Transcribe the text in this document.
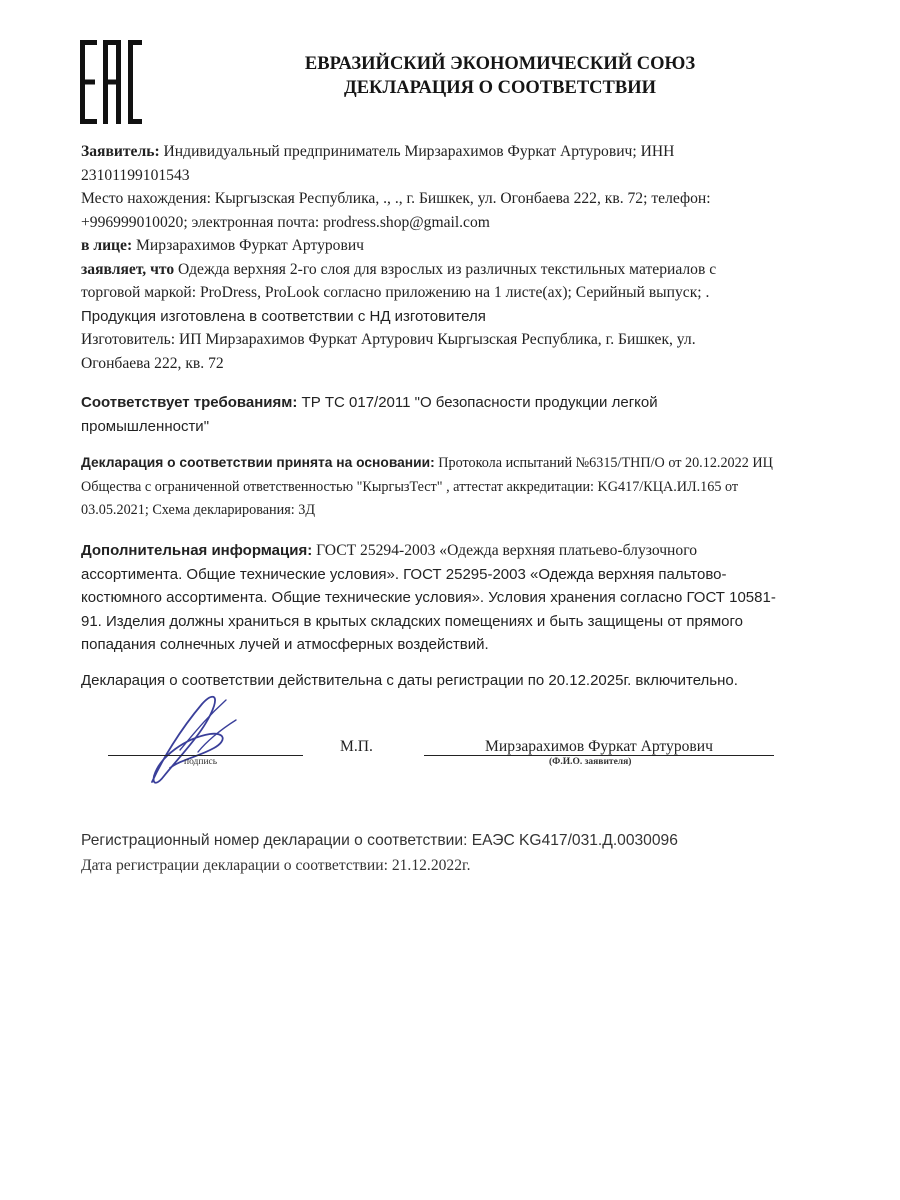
ЕВРАЗИЙСКИЙ ЭКОНОМИЧЕСКИЙ СОЮЗ
ДЕКЛАРАЦИЯ О СООТВЕТСТВИИ
Заявитель: Индивидуальный предприниматель Мирзарахимов Фуркат Артурович; ИНН
23101199101543
Место нахождения: Кыргызская Республика, ., ., г. Бишкек, ул. Огонбаева 222, кв. 72; телефон:
+996999010020; электронная почта: prodress.shop@gmail.com
в лице: Мирзарахимов Фуркат Артурович
заявляет, что Одежда верхняя 2-го слоя для взрослых из различных текстильных материалов с
торговой маркой: ProDress, ProLook согласно приложению на 1 листе(ах); Серийный выпуск; .
Продукция изготовлена в соответствии с НД изготовителя
Изготовитель: ИП Мирзарахимов Фуркат Артурович Кыргызская Республика, г. Бишкек, ул.
Огонбаева 222, кв. 72
Соответствует требованиям: ТР ТС 017/2011 "О безопасности продукции легкой
промышленности"
Декларация о соответствии принята на основании: Протокола испытаний №6315/ТНП/О от 20.12.2022 ИЦ
Общества с ограниченной ответственностью "КыргызТест" , аттестат аккредитации: KG417/КЦА.ИЛ.165 от
03.05.2021; Схема декларирования: 3Д
Дополнительная информация: ГОСТ 25294-2003 «Одежда верхняя платьево-блузочного
ассортимента. Общие технические условия». ГОСТ 25295-2003 «Одежда верхняя пальтово-
костюмного ассортимента. Общие технические условия». Условия хранения согласно ГОСТ 10581-
91. Изделия должны храниться в крытых складских помещениях и быть защищены от прямого
попадания солнечных лучей и атмосферных воздействий.
Декларация о соответствии действительна с даты регистрации по 20.12.2025г. включительно.
подпись
М.П.	Мирзарахимов Фуркат Артурович
(Ф.И.О. заявителя)
Регистрационный номер декларации о соответствии: ЕАЭС KG417/031.Д.0030096
Дата регистрации декларации о соответствии: 21.12.2022г.
